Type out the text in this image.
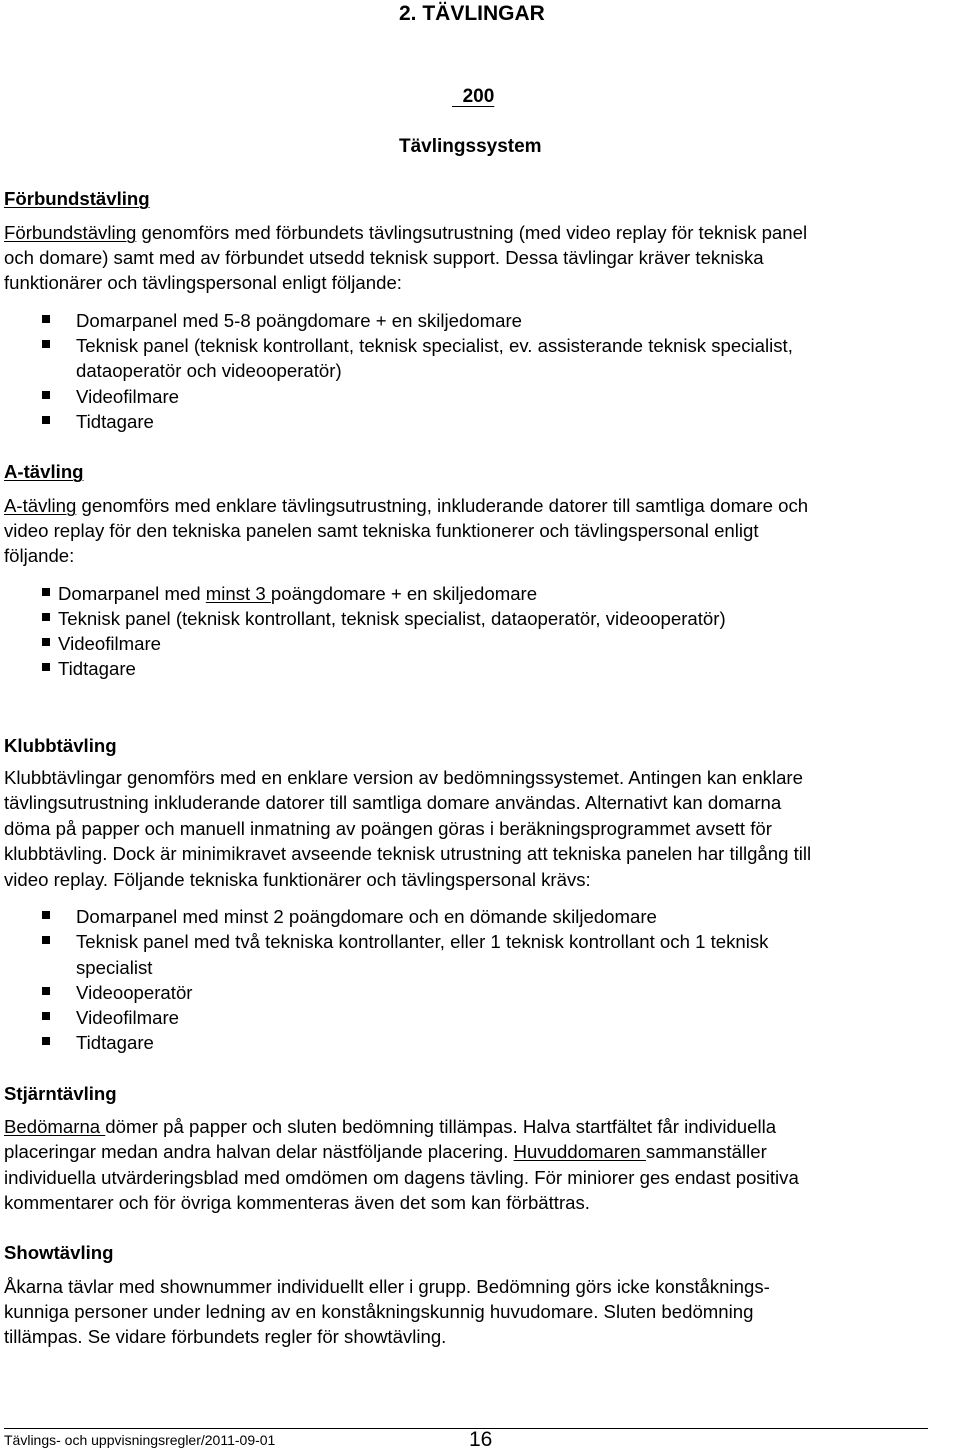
2. TÄVLINGAR
200
Tävlingssystem
Förbundstävling
Förbundstävling genomförs med förbundets tävlingsutrustning (med video replay för teknisk panel
och domare) samt med av förbundet utsedd teknisk support. Dessa tävlingar kräver tekniska
funktionärer och tävlingspersonal enligt följande:
Domarpanel med 5-8 poängdomare + en skiljedomare
Teknisk panel (teknisk kontrollant, teknisk specialist, ev. assisterande teknisk specialist,
dataoperatör och videooperatör)
Videofilmare
Tidtagare
A-tävling
A-tävling genomförs med enklare tävlingsutrustning, inkluderande datorer till samtliga domare och
video replay för den tekniska panelen samt tekniska funktionerer och tävlingspersonal enligt
följande:
Domarpanel med minst 3 poängdomare + en skiljedomare
Teknisk panel (teknisk kontrollant, teknisk specialist, dataoperatör, videooperatör)
Videofilmare
Tidtagare
Klubbtävling
Klubbtävlingar genomförs med en enklare version av bedömningssystemet. Antingen kan enklare
tävlingsutrustning inkluderande datorer till samtliga domare användas. Alternativt kan domarna
döma på papper och manuell inmatning av poängen göras i beräkningsprogrammet avsett för
klubbtävling. Dock är minimikravet avseende teknisk utrustning att tekniska panelen har tillgång till
video replay. Följande tekniska funktionärer och tävlingspersonal krävs:
Domarpanel med minst 2 poängdomare och en dömande skiljedomare
Teknisk panel med två tekniska kontrollanter, eller 1 teknisk kontrollant och 1 teknisk
specialist
Videooperatör
Videofilmare
Tidtagare
Stjärntävling
Bedömarna dömer på papper och sluten bedömning tillämpas. Halva startfältet får individuella
placeringar medan andra halvan delar nästföljande placering. Huvuddomaren sammanställer
individuella utvärderingsblad med omdömen om dagens tävling. För miniorer ges endast positiva
kommentarer och för övriga kommenteras även det som kan förbättras.
Showtävling
Åkarna tävlar med shownummer individuellt eller i grupp. Bedömning görs icke konståknings-
kunniga personer under ledning av en konståkningskunnig huvudomare. Sluten bedömning
tillämpas. Se vidare förbundets regler för showtävling.
Tävlings- och uppvisningsregler/2011-09-01	16
